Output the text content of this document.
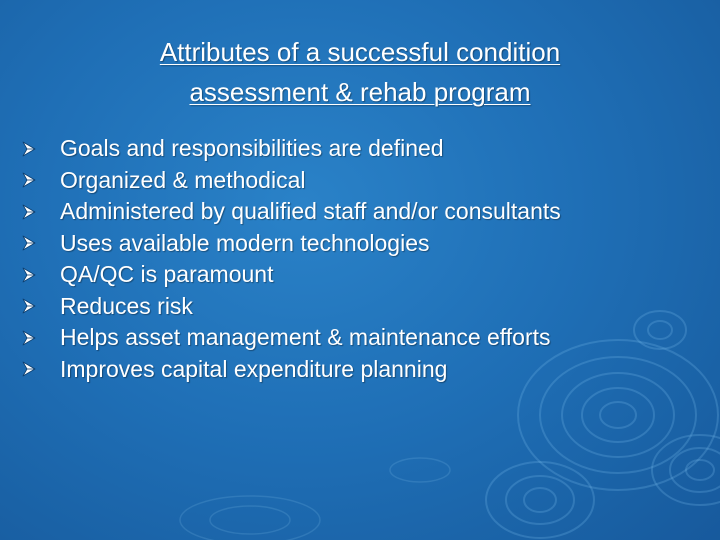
Attributes of a successful condition
assessment & rehab program
Goals and responsibilities are defined
Organized & methodical
Administered by qualified staff and/or consultants
Uses available modern technologies
QA/QC is paramount
Reduces risk
Helps asset management & maintenance efforts
Improves capital expenditure planning
